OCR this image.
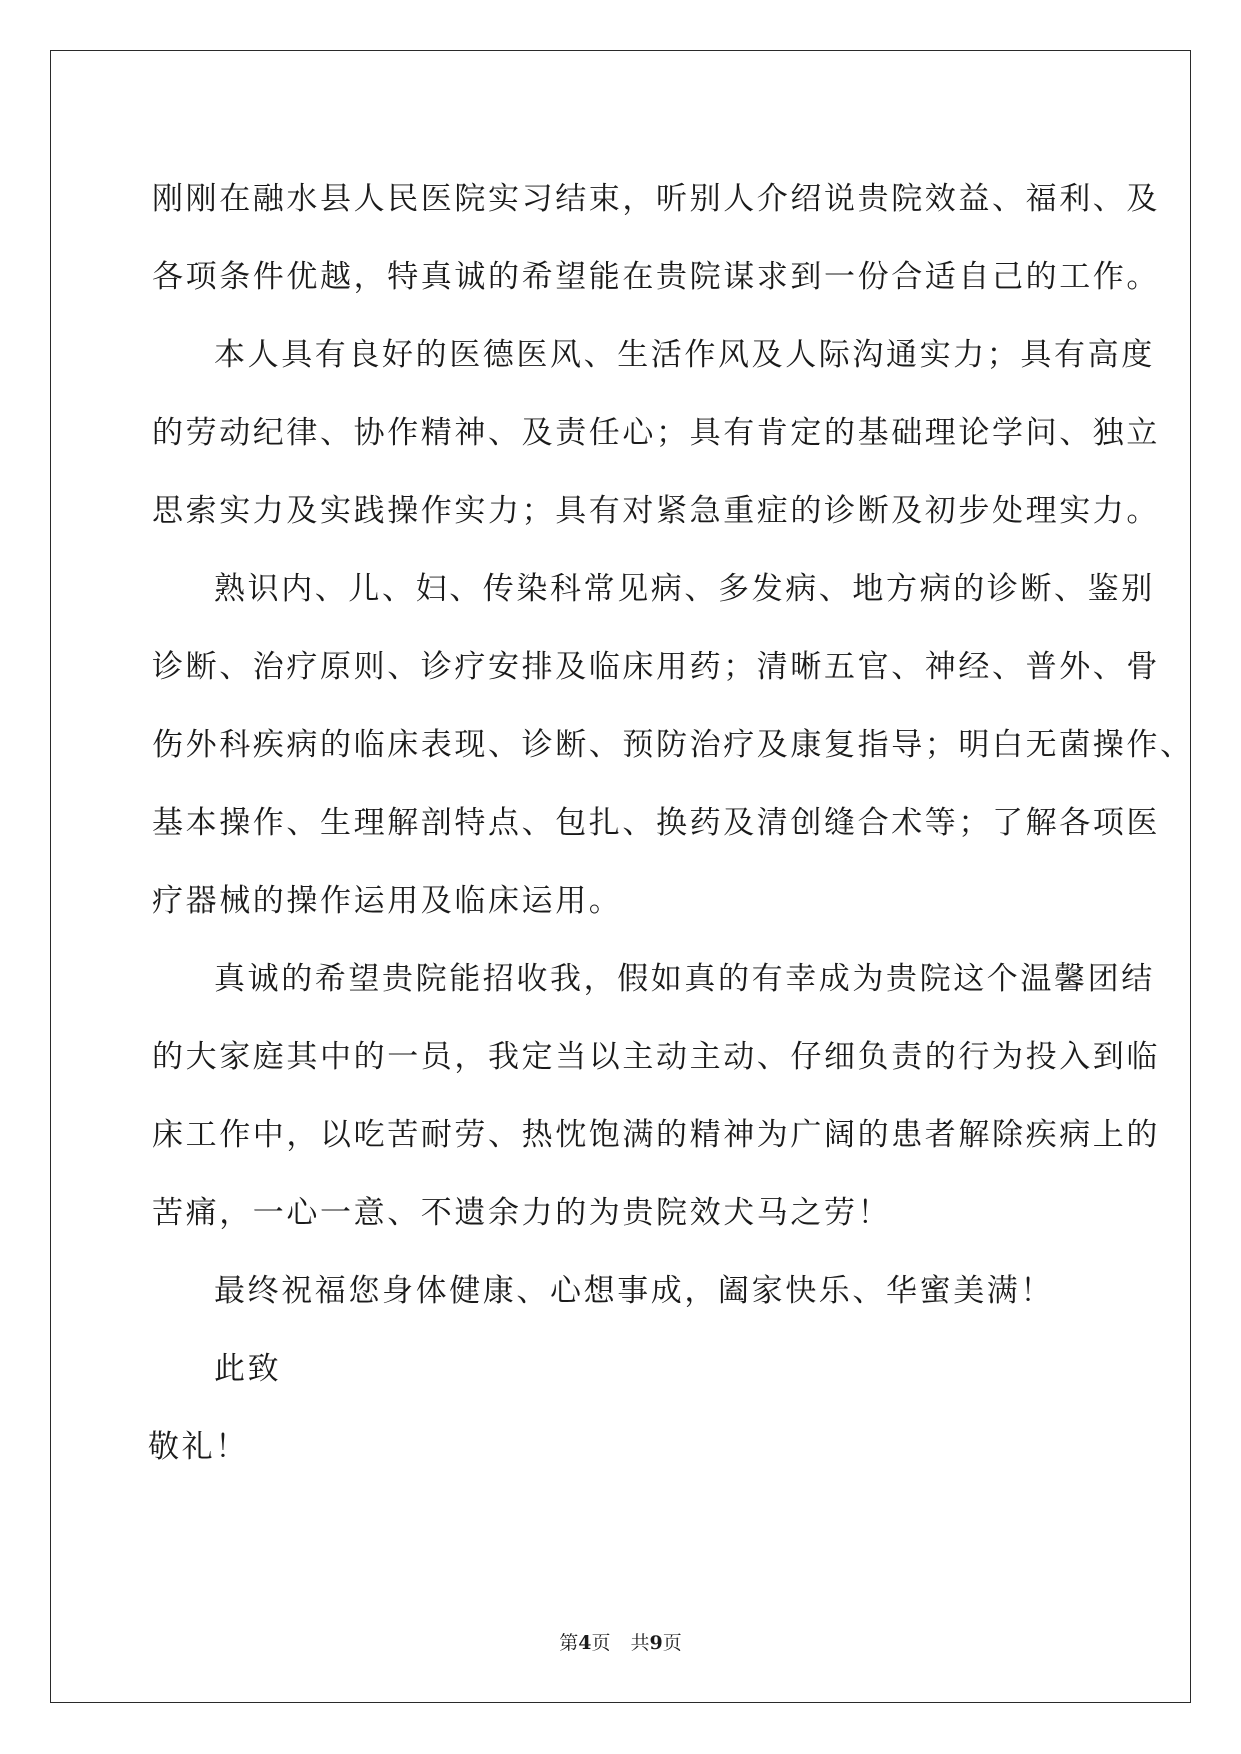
刚刚在融水县人民医院实习结束，听别人介绍说贵院效益、福利、及
各项条件优越，特真诚的希望能在贵院谋求到一份合适自己的工作。
本人具有良好的医德医风、生活作风及人际沟通实力；具有高度
的劳动纪律、协作精神、及责任心；具有肯定的基础理论学问、独立
思索实力及实践操作实力；具有对紧急重症的诊断及初步处理实力。
熟识内、儿、妇、传染科常见病、多发病、地方病的诊断、鉴别
诊断、治疗原则、诊疗安排及临床用药；清晰五官、神经、普外、骨
伤外科疾病的临床表现、诊断、预防治疗及康复指导；明白无菌操作、
基本操作、生理解剖特点、包扎、换药及清创缝合术等；了解各项医
疗器械的操作运用及临床运用。
真诚的希望贵院能招收我，假如真的有幸成为贵院这个温馨团结
的大家庭其中的一员，我定当以主动主动、仔细负责的行为投入到临
床工作中，以吃苦耐劳、热忱饱满的精神为广阔的患者解除疾病上的
苦痛，一心一意、不遗余力的为贵院效犬马之劳！
最终祝福您身体健康、心想事成，阖家快乐、华蜜美满！
此致
敬礼！
第4页 共9页
